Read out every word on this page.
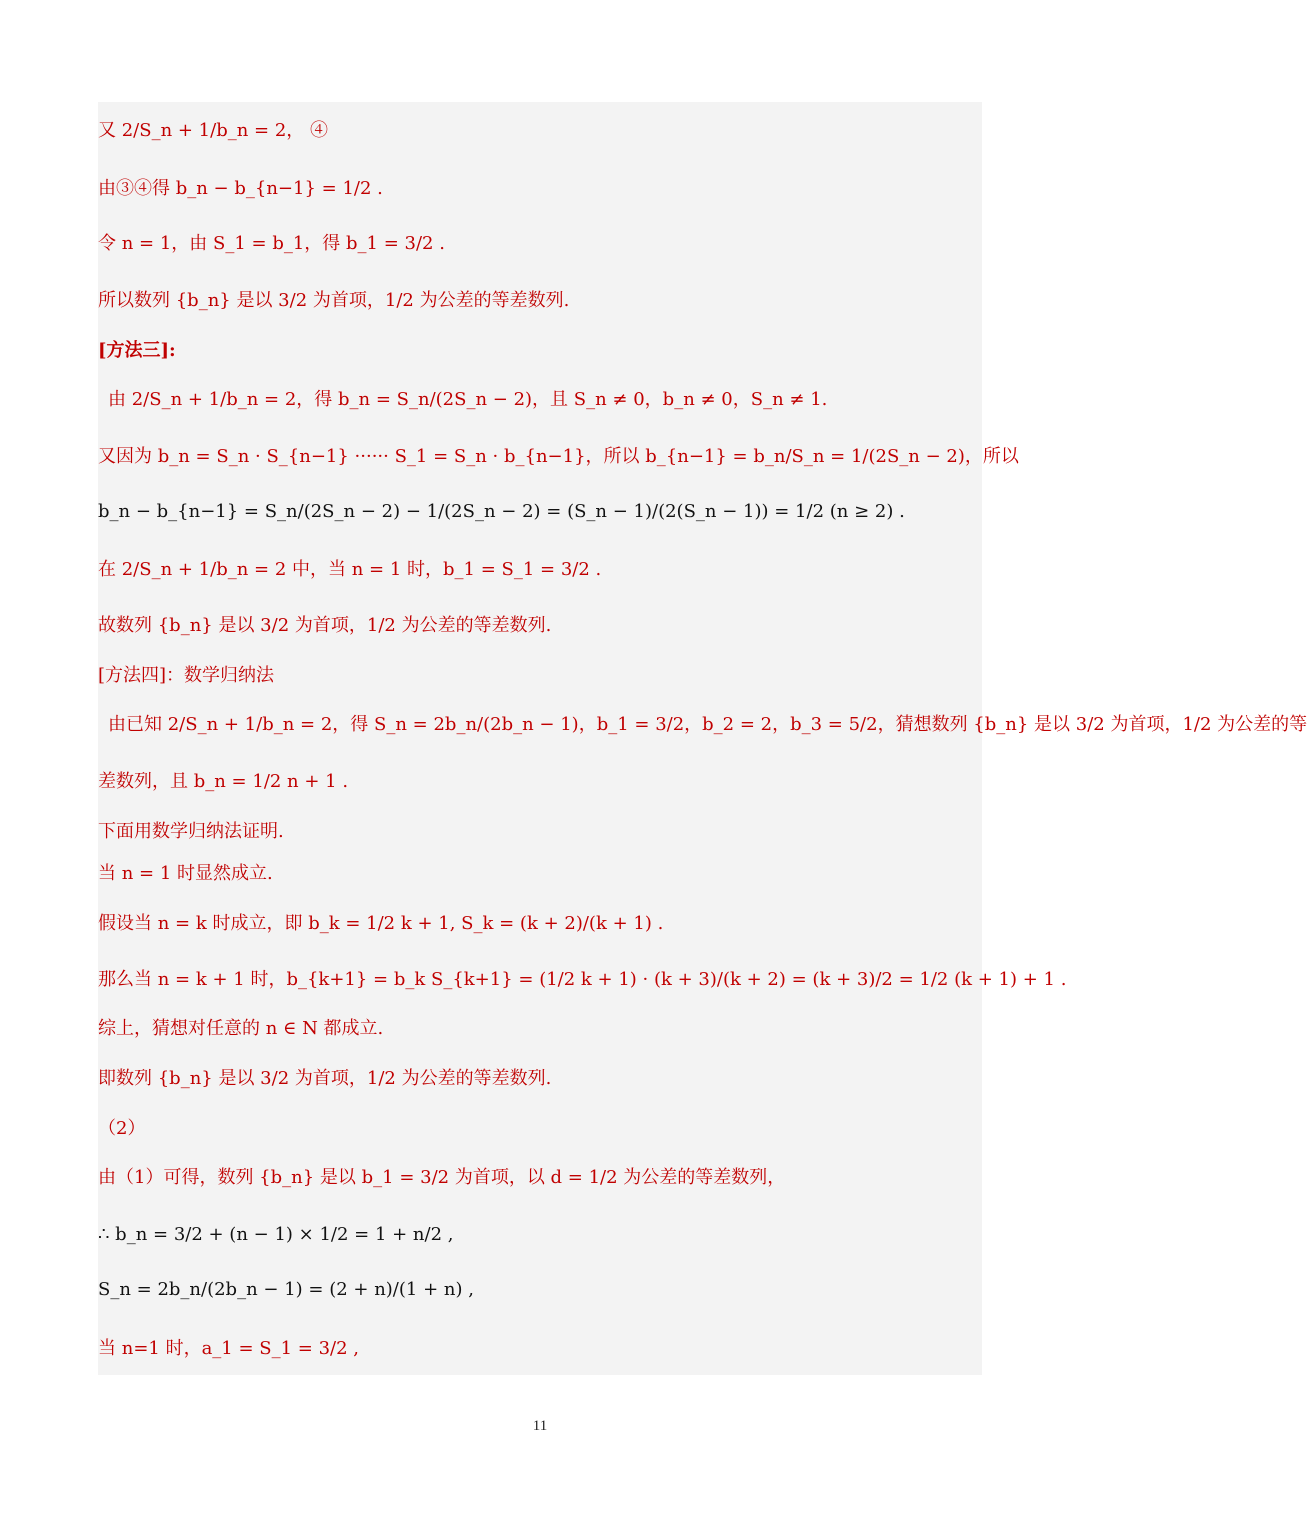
又 2/S_n + 1/b_n = 2， ④
由③④得 b_n − b_{n−1} = 1/2 .
令 n = 1，由 S_1 = b_1，得 b_1 = 3/2 .
所以数列 {b_n} 是以 3/2 为首项，1/2 为公差的等差数列.
[方法三]:
由 2/S_n + 1/b_n = 2，得 b_n = S_n/(2S_n − 2)，且 S_n ≠ 0，b_n ≠ 0，S_n ≠ 1.
又因为 b_n = S_n · S_{n−1} ······ S_1 = S_n · b_{n−1}，所以 b_{n−1} = b_n/S_n = 1/(2S_n − 2)，所以
b_n − b_{n−1} = S_n/(2S_n − 2) − 1/(2S_n − 2) = (S_n − 1)/(2(S_n − 1)) = 1/2 (n ≥ 2) .
在 2/S_n + 1/b_n = 2 中，当 n = 1 时，b_1 = S_1 = 3/2 .
故数列 {b_n} 是以 3/2 为首项，1/2 为公差的等差数列.
[方法四]：数学归纳法
由已知 2/S_n + 1/b_n = 2，得 S_n = 2b_n/(2b_n − 1)，b_1 = 3/2，b_2 = 2，b_3 = 5/2，猜想数列 {b_n} 是以 3/2 为首项，1/2 为公差的等
差数列，且 b_n = 1/2 n + 1 .
下面用数学归纳法证明.
当 n = 1 时显然成立.
假设当 n = k 时成立，即 b_k = 1/2 k + 1, S_k = (k + 2)/(k + 1) .
那么当 n = k + 1 时，b_{k+1} = b_k S_{k+1} = (1/2 k + 1) · (k + 3)/(k + 2) = (k + 3)/2 = 1/2 (k + 1) + 1 .
综上，猜想对任意的 n ∈ N 都成立.
即数列 {b_n} 是以 3/2 为首项，1/2 为公差的等差数列.
（2）
由（1）可得，数列 {b_n} 是以 b_1 = 3/2 为首项，以 d = 1/2 为公差的等差数列，
∴ b_n = 3/2 + (n − 1) × 1/2 = 1 + n/2 ,
S_n = 2b_n/(2b_n − 1) = (2 + n)/(1 + n) ,
当 n=1 时，a_1 = S_1 = 3/2 ,
11
